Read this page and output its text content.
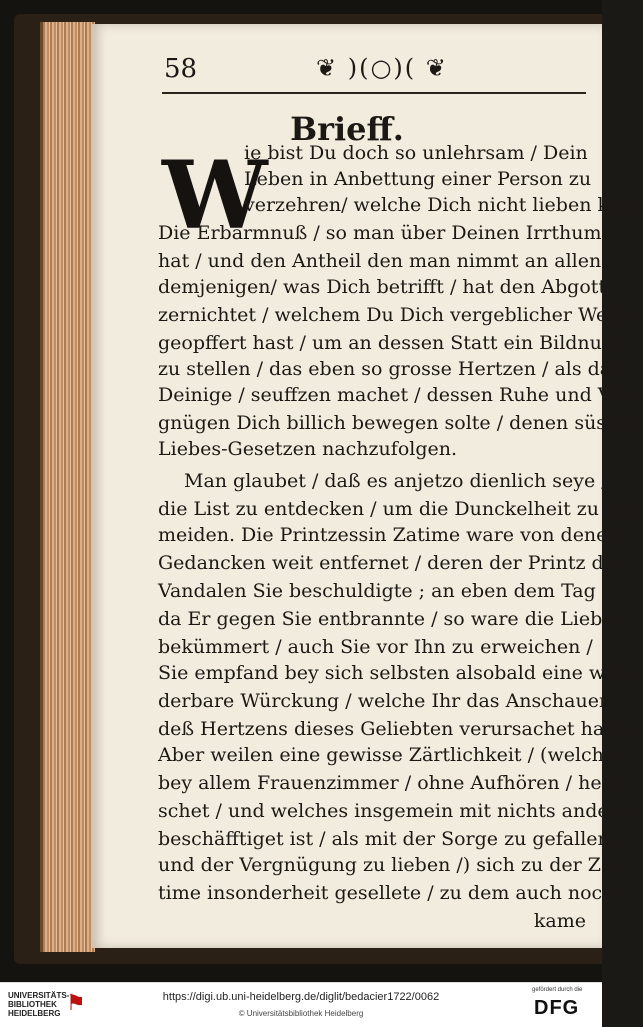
58	❦ )(○)( ❦
Brieff.
W
ie bist Du doch so unlehrsam / Dein
Leben in Anbettung einer Person zu
verzehren/ welche Dich nicht lieben kan?
Die Erbarmnuß / so man über Deinen Irrthum
hat / und den Antheil den man nimmt an allen
demjenigen/ was Dich betrifft / hat den Abgott
zernichtet / welchem Du Dich vergeblicher Weise
geopffert hast / um an dessen Statt ein Bildnuß
zu stellen / das eben so grosse Hertzen / als das
Deinige / seuffzen machet / dessen Ruhe und Ver-
gnügen Dich billich bewegen solte / denen süssen
Liebes-Gesetzen nachzufolgen.
Man glaubet / daß es anjetzo dienlich seye /
die List zu entdecken / um die Dunckelheit zu ver-
meiden. Die Printzessin Zatime ware von denen
Gedancken weit entfernet / deren der Printz der
Vandalen Sie beschuldigte ; an eben dem Tag /
da Er gegen Sie entbrannte / so ware die Liebe
bekümmert / auch Sie vor Ihn zu erweichen /
Sie empfand bey sich selbsten alsobald eine wun-
derbare Würckung / welche Ihr das Anschauen
deß Hertzens dieses Geliebten verursachet hatte ;
Aber weilen eine gewisse Zärtlichkeit / (welche
bey allem Frauenzimmer / ohne Aufhören / herr-
schet / und welches insgemein mit nichts anders
beschäfftiget ist / als mit der Sorge zu gefallen /
und der Vergnügung zu lieben /) sich zu der Za-
time insonderheit gesellete / zu dem auch noch
kame
UNIVERSITÄTS-
BIBLIOTHEK
HEIDELBERG ⚑	https://digi.ub.uni-heidelberg.de/diglit/bedacier1722/0062
© Universitätsbibliothek Heidelberg
gefördert durch die
DFG
